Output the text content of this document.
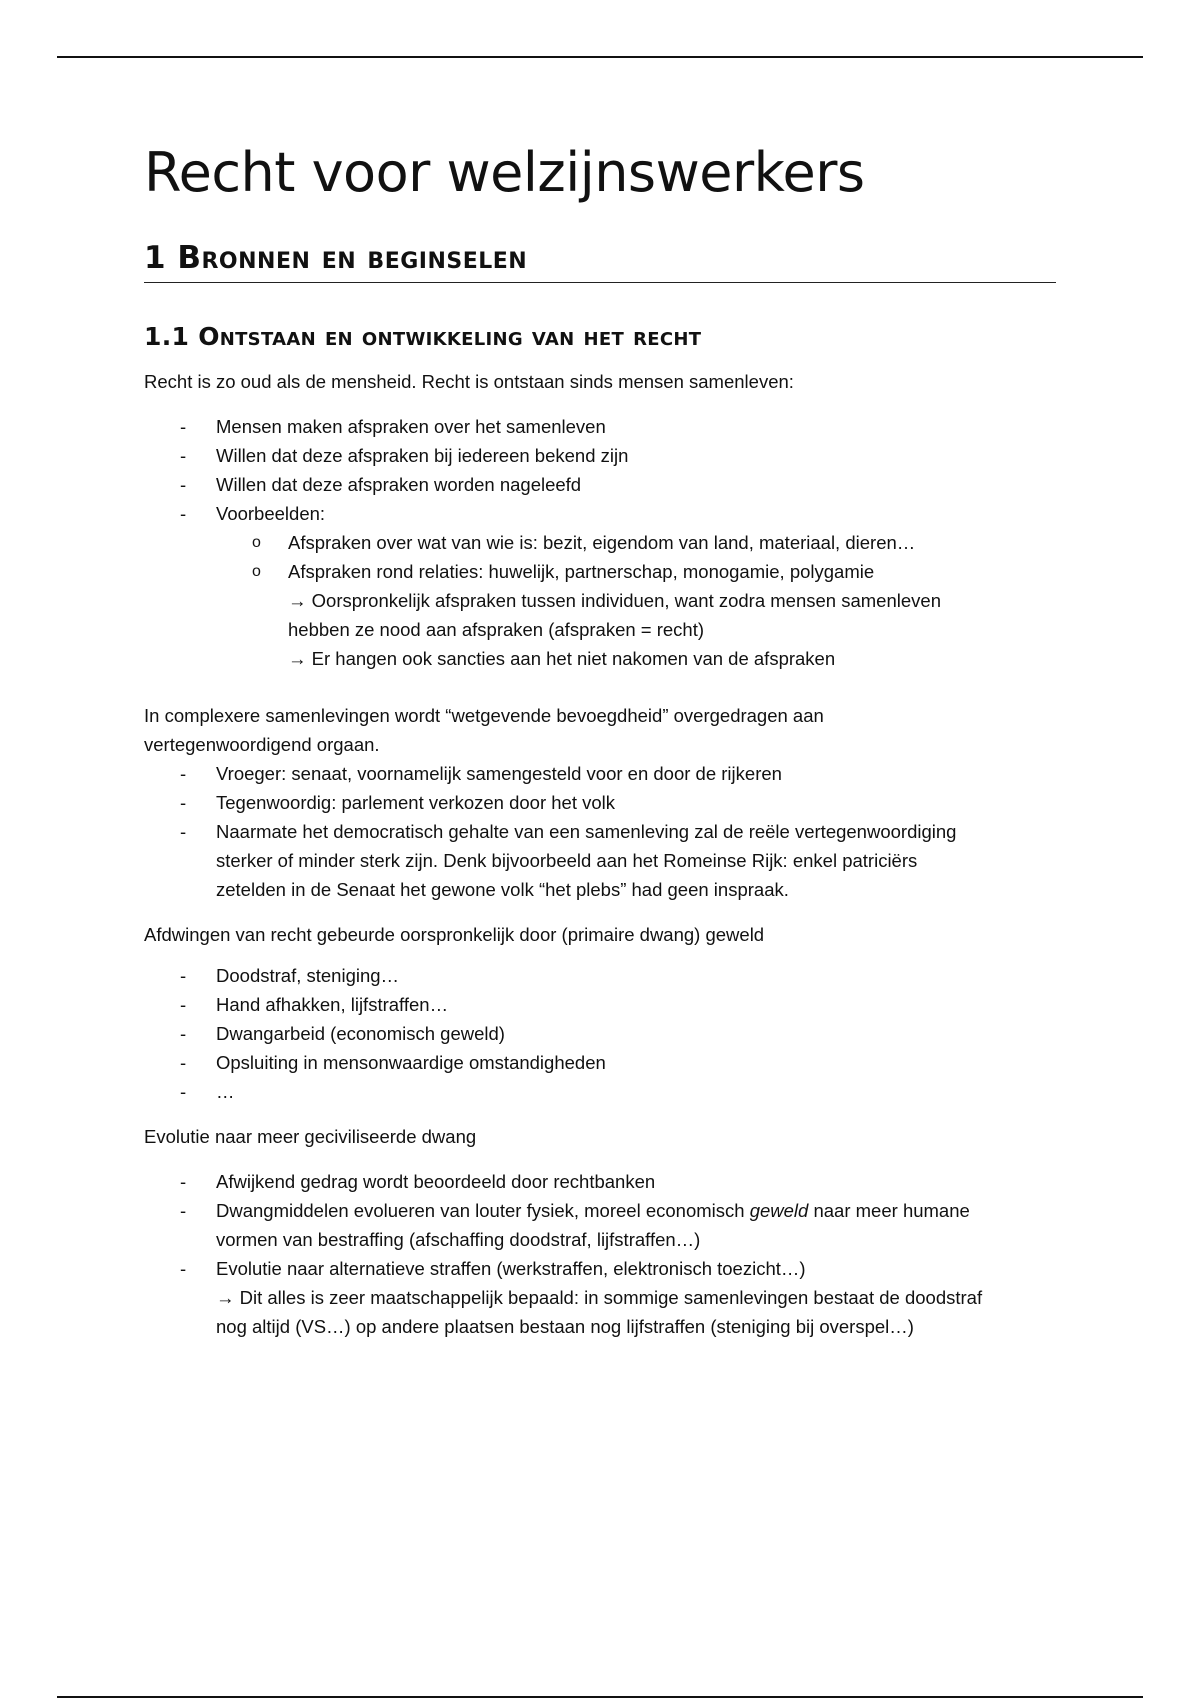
Recht voor welzijnswerkers
1 Bronnen en beginselen
1.1 Ontstaan en ontwikkeling van het recht

Recht is zo oud als de mensheid. Recht is ontstaan sinds mensen samenleven:

- Mensen maken afspraken over het samenleven
- Willen dat deze afspraken bij iedereen bekend zijn
- Willen dat deze afspraken worden nageleefd
- Voorbeelden:
o Afspraken over wat van wie is: bezit, eigendom van land, materiaal, dieren…
o Afspraken rond relaties: huwelijk, partnerschap, monogamie, polygamie
→ Oorspronkelijk afspraken tussen individuen, want zodra mensen samenleven
hebben ze nood aan afspraken (afspraken = recht)
→ Er hangen ook sancties aan het niet nakomen van de afspraken

In complexere samenlevingen wordt “wetgevende bevoegdheid” overgedragen aan
vertegenwoordigend orgaan.

- Vroeger: senaat, voornamelijk samengesteld voor en door de rijkeren
- Tegenwoordig: parlement verkozen door het volk
- Naarmate het democratisch gehalte van een samenleving zal de reële vertegenwoordiging
sterker of minder sterk zijn. Denk bijvoorbeeld aan het Romeinse Rijk: enkel patriciërs
zetelden in de Senaat het gewone volk “het plebs” had geen inspraak.

Afdwingen van recht gebeurde oorspronkelijk door (primaire dwang) geweld

- Doodstraf, steniging…
- Hand afhakken, lijfstraffen…
- Dwangarbeid (economisch geweld)
- Opsluiting in mensonwaardige omstandigheden
- …

Evolutie naar meer geciviliseerde dwang

- Afwijkend gedrag wordt beoordeeld door rechtbanken
- Dwangmiddelen evolueren van louter fysiek, moreel economisch geweld naar meer humane
vormen van bestraffing (afschaffing doodstraf, lijfstraffen…)
- Evolutie naar alternatieve straffen (werkstraffen, elektronisch toezicht…)
→ Dit alles is zeer maatschappelijk bepaald: in sommige samenlevingen bestaat de doodstraf
nog altijd (VS…) op andere plaatsen bestaan nog lijfstraffen (steniging bij overspel…)
